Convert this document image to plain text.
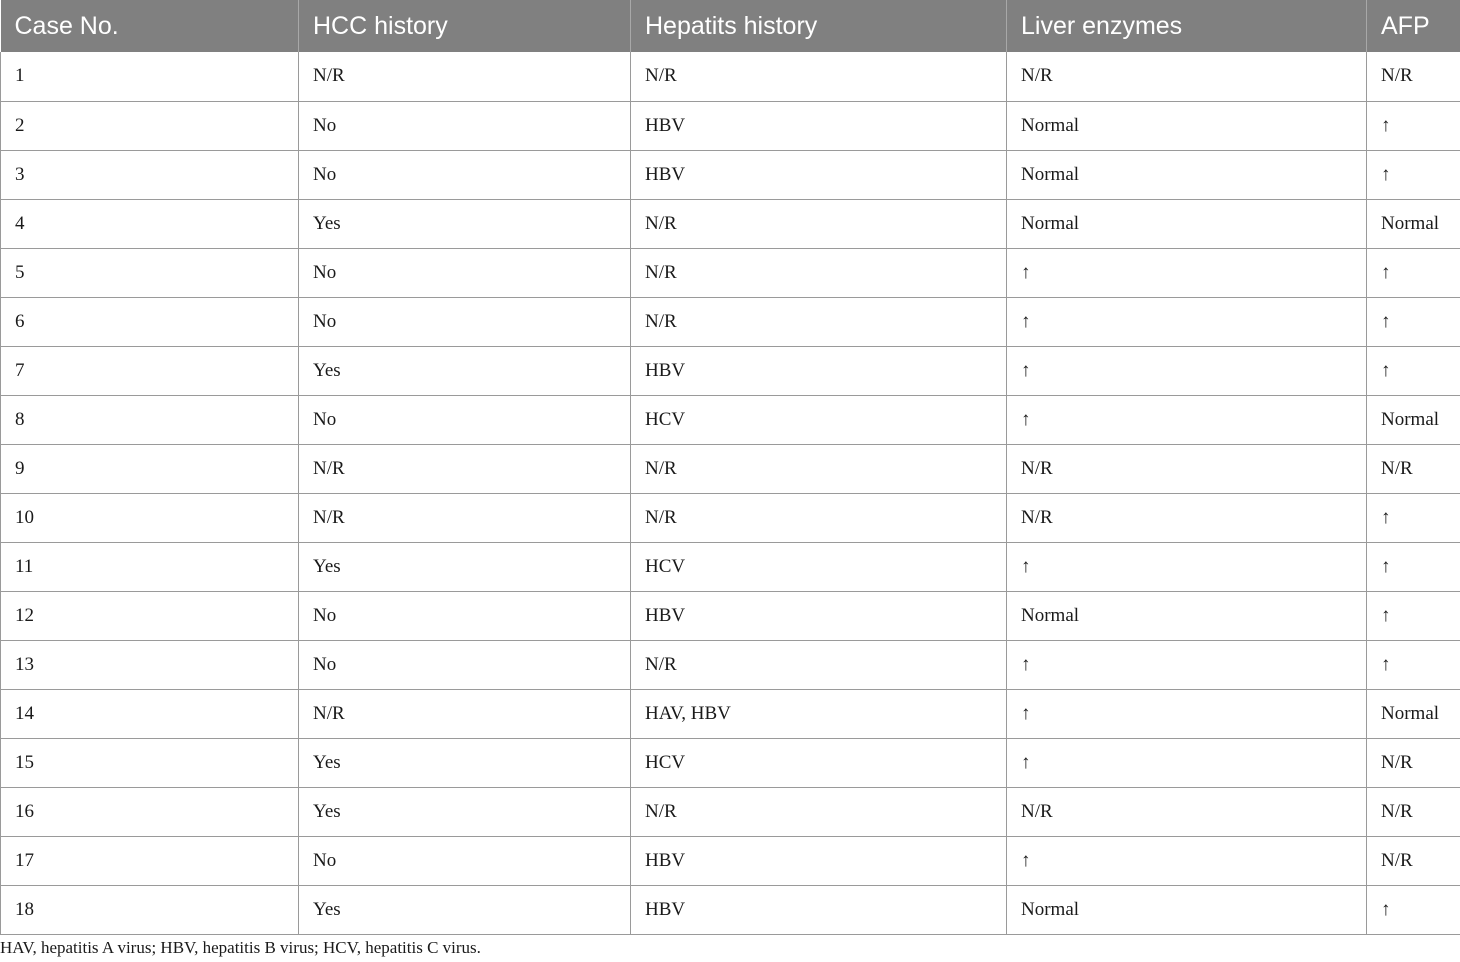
Case No.	HCC history	Hepatits history	Liver enzymes	AFP
1	N/R	N/R	N/R	N/R
2	No	HBV	Normal	↑
3	No	HBV	Normal	↑
4	Yes	N/R	Normal	Normal
5	No	N/R	↑	↑
6	No	N/R	↑	↑
7	Yes	HBV	↑	↑
8	No	HCV	↑	Normal
9	N/R	N/R	N/R	N/R
10	N/R	N/R	N/R	↑
11	Yes	HCV	↑	↑
12	No	HBV	Normal	↑
13	No	N/R	↑	↑
14	N/R	HAV, HBV	↑	Normal
15	Yes	HCV	↑	N/R
16	Yes	N/R	N/R	N/R
17	No	HBV	↑	N/R
18	Yes	HBV	Normal	↑
HAV, hepatitis A virus; HBV, hepatitis B virus; HCV, hepatitis C virus.
